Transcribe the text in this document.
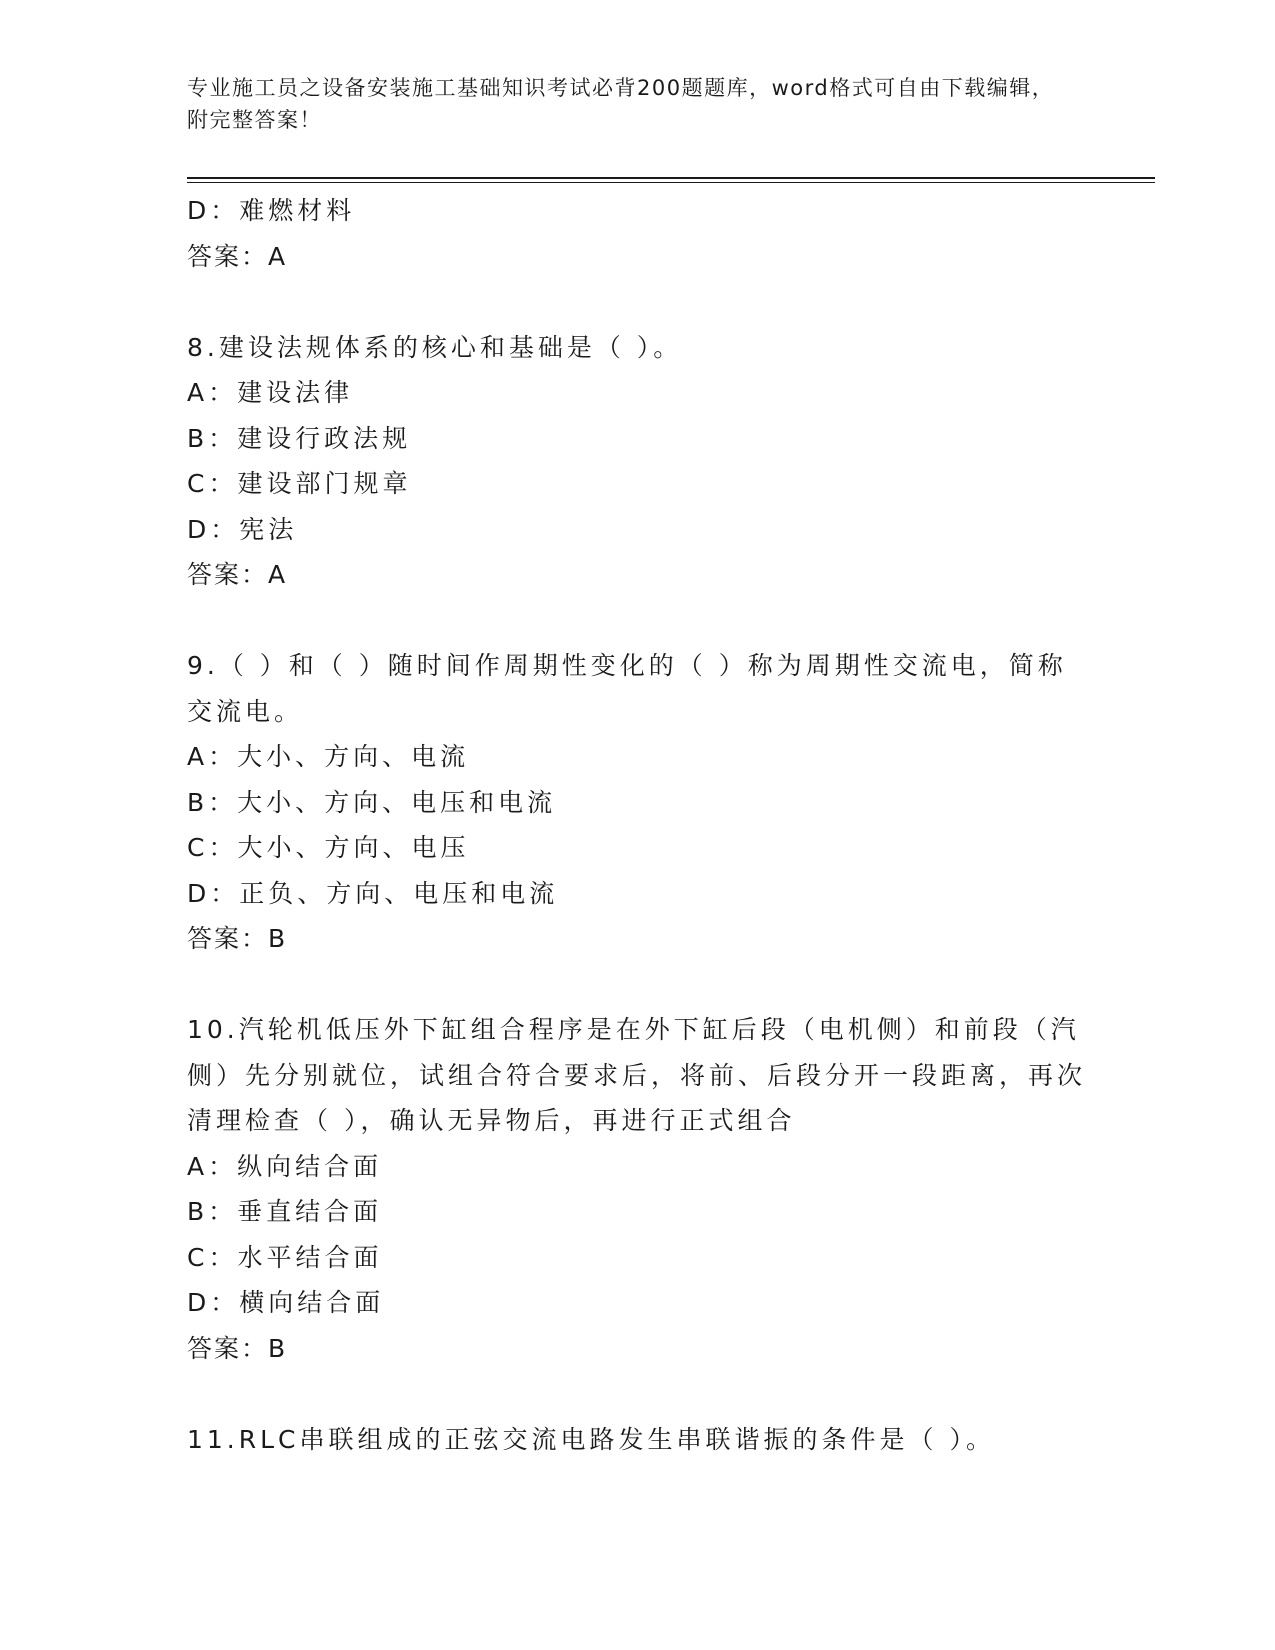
专业施工员之设备安装施工基础知识考试必背200题题库，word格式可自由下载编辑，附完整答案！
D：难燃材料
答案：A
8.建设法规体系的核心和基础是（ ）。
A：建设法律
B：建设行政法规
C：建设部门规章
D：宪法
答案：A
9.（ ）和（ ）随时间作周期性变化的（ ）称为周期性交流电，简称交流电。
A：大小、方向、电流
B：大小、方向、电压和电流
C：大小、方向、电压
D：正负、方向、电压和电流
答案：B
10.汽轮机低压外下缸组合程序是在外下缸后段（电机侧）和前段（汽侧）先分别就位，试组合符合要求后，将前、后段分开一段距离，再次清理检查（ ），确认无异物后，再进行正式组合
A：纵向结合面
B：垂直结合面
C：水平结合面
D：横向结合面
答案：B
11.RLC串联组成的正弦交流电路发生串联谐振的条件是（ ）。
